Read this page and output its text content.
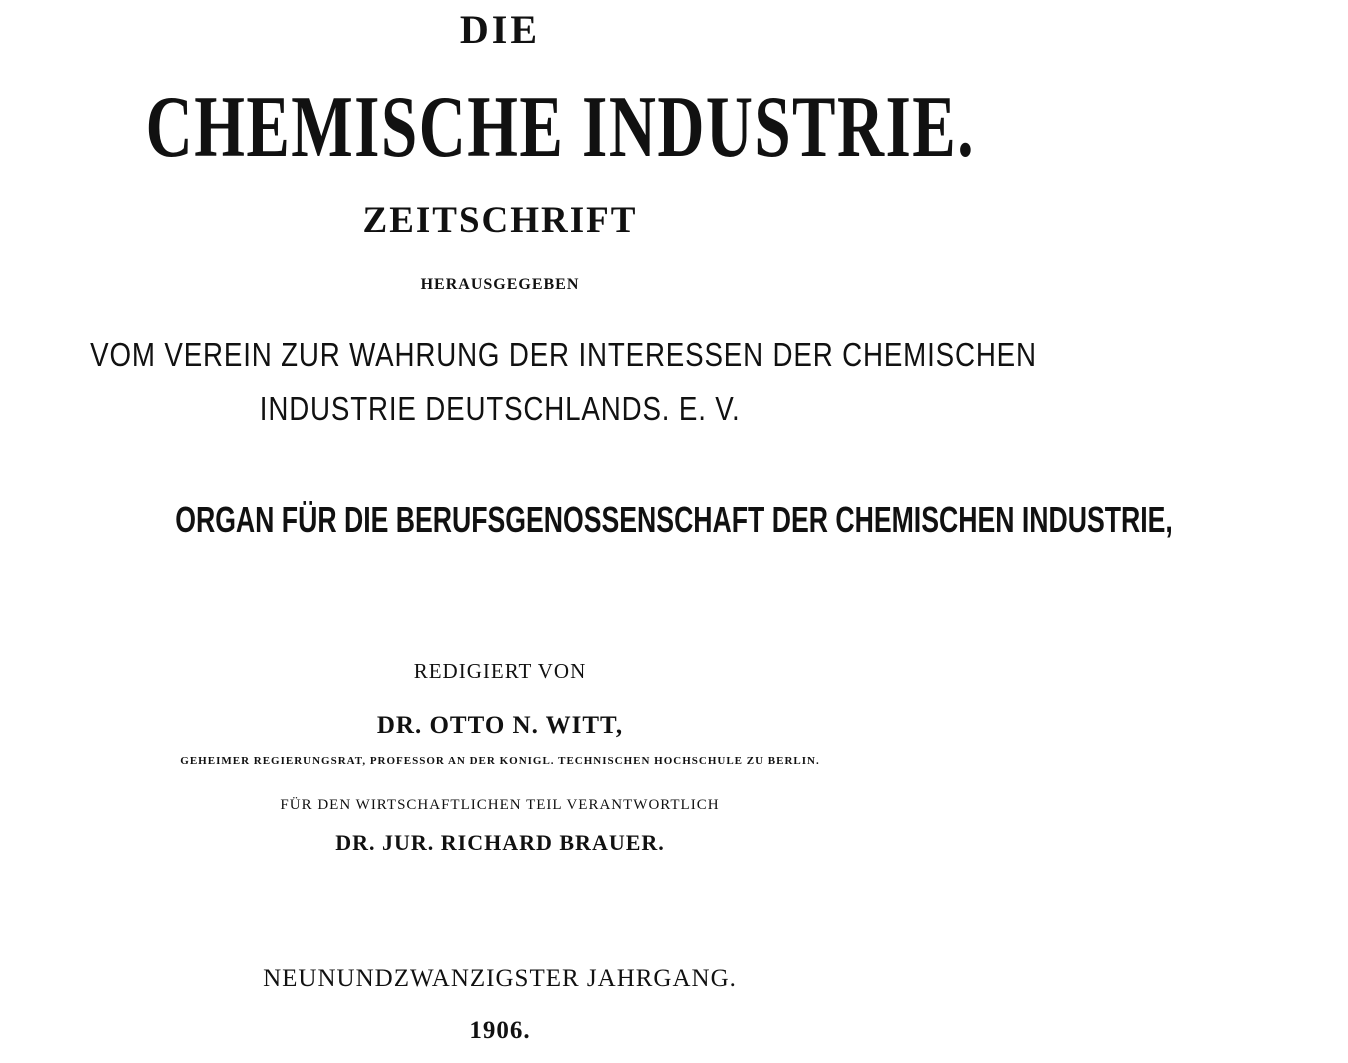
DIE
CHEMISCHE INDUSTRIE.
ZEITSCHRIFT
HERAUSGEGEBEN
VOM VEREIN ZUR WAHRUNG DER INTERESSEN DER CHEMISCHEN
INDUSTRIE DEUTSCHLANDS. E. V.
ORGAN FÜR DIE BERUFSGENOSSENSCHAFT DER CHEMISCHEN INDUSTRIE,
REDIGIERT VON
DR. OTTO N. WITT,
GEHEIMER REGIERUNGSRAT, PROFESSOR AN DER KONIGL. TECHNISCHEN HOCHSCHULE ZU BERLIN.
FÜR DEN WIRTSCHAFTLICHEN TEIL VERANTWORTLICH
DR. JUR. RICHARD BRAUER.
NEUNUNDZWANZIGSTER JAHRGANG.
1906.
